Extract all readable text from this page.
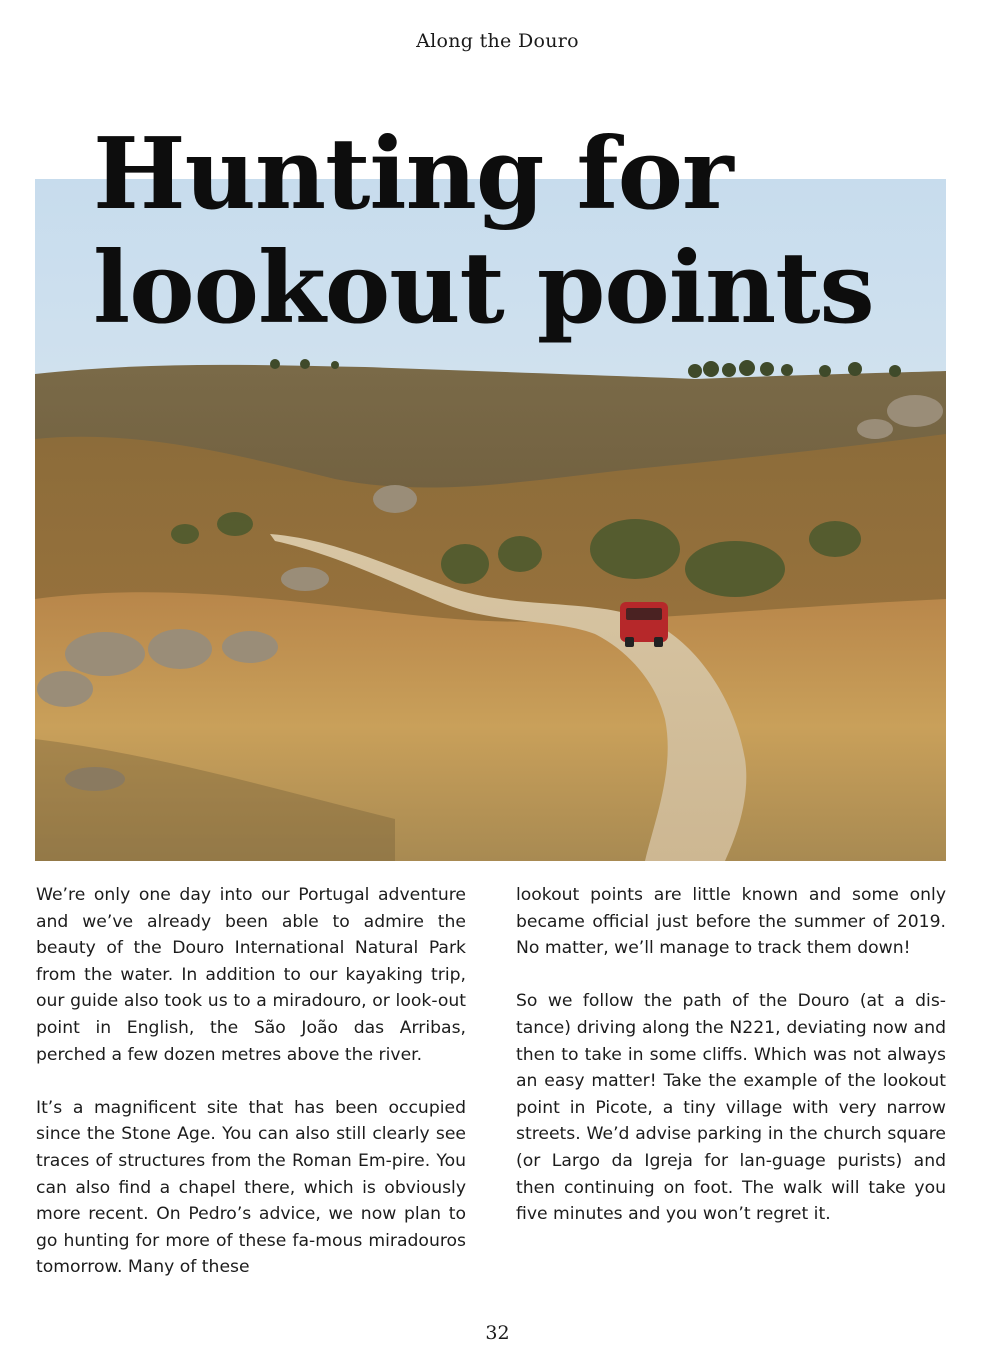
Along the Douro
Hunting for
lookout points

We’re only one day into our Portugal adventure and we’ve already been able to admire the beauty of the Douro International Natural Park from the water. In addition to our kayaking trip, our guide also took us to a miradouro, or look-out point in English, the São João das Arribas, perched a few dozen metres above the river.

It’s a magnificent site that has been occupied since the Stone Age. You can also still clearly see traces of structures from the Roman Em-pire. You can also find a chapel there, which is obviously more recent. On Pedro’s advice, we now plan to go hunting for more of these fa-mous miradouros tomorrow. Many of these

lookout points are little known and some only became official just before the summer of 2019. No matter, we’ll manage to track them down!

So we follow the path of the Douro (at a dis-tance) driving along the N221, deviating now and then to take in some cliffs. Which was not always an easy matter! Take the example of the lookout point in Picote, a tiny village with very narrow streets. We’d advise parking in the church square (or Largo da Igreja for lan-guage purists) and then continuing on foot. The walk will take you five minutes and you won’t regret it.

32
